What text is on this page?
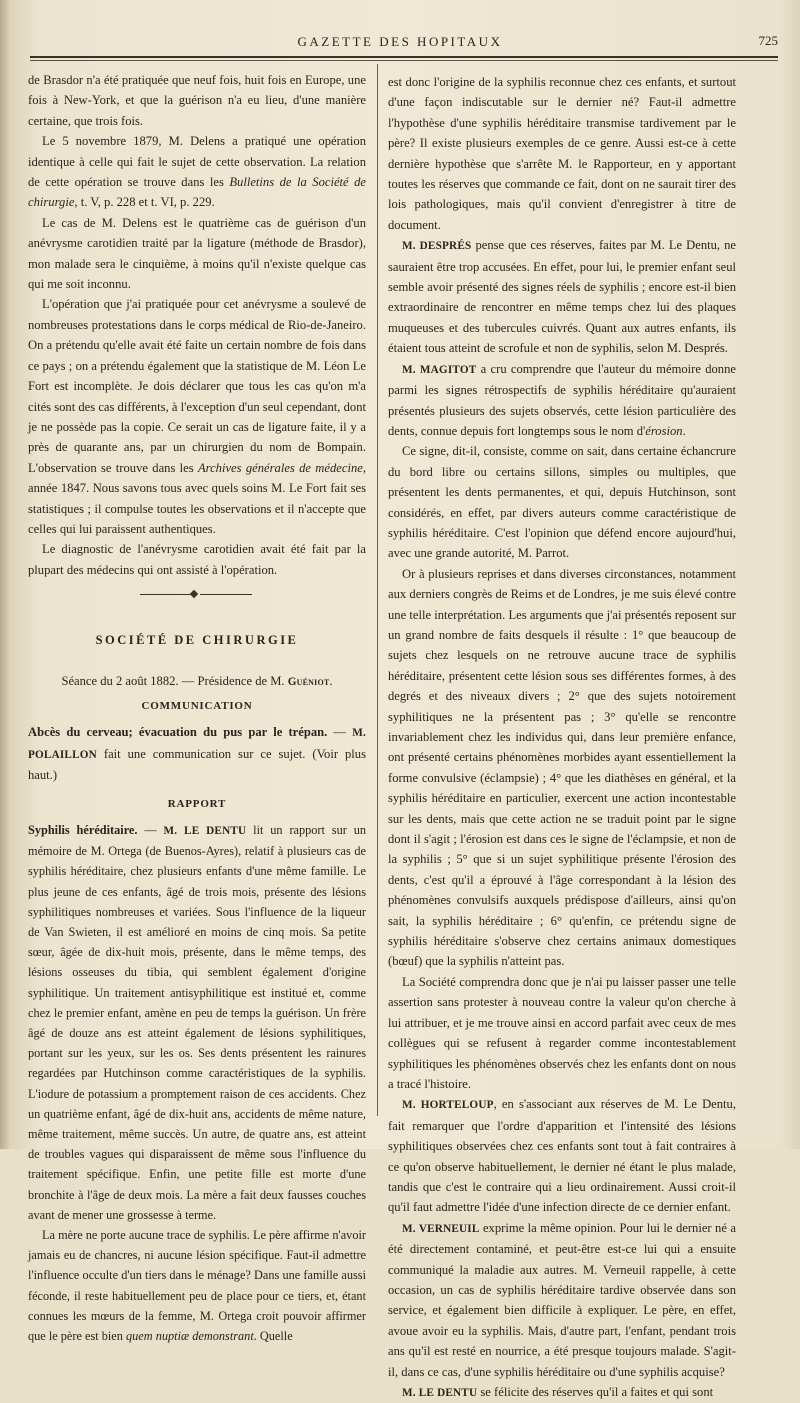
GAZETTE DES HOPITAUX	725

de Brasdor n'a été pratiquée que neuf fois, huit fois en Europe, une fois à New-York, et que la guérison n'a eu lieu, d'une manière certaine, que trois fois.

Le 5 novembre 1879, M. Delens a pratiqué une opération identique à celle qui fait le sujet de cette observation. La relation de cette opération se trouve dans les Bulletins de la Société de chirurgie, t. V, p. 228 et t. VI, p. 229.

Le cas de M. Delens est le quatrième cas de guérison d'un anévrysme carotidien traité par la ligature (méthode de Brasdor), mon malade sera le cinquième, à moins qu'il n'existe quelque cas qui me soit inconnu.

L'opération que j'ai pratiquée pour cet anévrysme a soulevé de nombreuses protestations dans le corps médical de Rio-de-Janeiro. On a prétendu qu'elle avait été faite un certain nombre de fois dans ce pays ; on a prétendu également que la statistique de M. Léon Le Fort est incomplète. Je dois déclarer que tous les cas qu'on m'a cités sont des cas différents, à l'exception d'un seul cependant, dont je ne possède pas la copie. Ce serait un cas de ligature faite, il y a près de quarante ans, par un chirurgien du nom de Bompain. L'observation se trouve dans les Archives générales de médecine, année 1847. Nous savons tous avec quels soins M. Le Fort fait ses statistiques ; il compulse toutes les observations et il n'accepte que celles qui lui paraissent authentiques.

Le diagnostic de l'anévrysme carotidien avait été fait par la plupart des médecins qui ont assisté à l'opération.

SOCIÉTÉ DE CHIRURGIE

Séance du 2 août 1882. — Présidence de M. Guéniot.

COMMUNICATION

Abcès du cerveau; évacuation du pus par le trépan. — M. POLAILLON fait une communication sur ce sujet. (Voir plus haut.)

RAPPORT

Syphilis héréditaire. — M. LE DENTU lit un rapport sur un mémoire de M. Ortega (de Buenos-Ayres), relatif à plusieurs cas de syphilis héréditaire, chez plusieurs enfants d'une même famille. Le plus jeune de ces enfants, âgé de trois mois, présente des lésions syphilitiques nombreuses et variées. Sous l'influence de la liqueur de Van Swieten, il est amélioré en moins de cinq mois. Sa petite sœur, âgée de dix-huit mois, présente, dans le même temps, des lésions osseuses du tibia, qui semblent également d'origine syphilitique. Un traitement antisyphilitique est institué et, comme chez le premier enfant, amène en peu de temps la guérison. Un frère âgé de douze ans est atteint également de lésions syphilitiques, portant sur les yeux, sur les os. Ses dents présentent les rainures regardées par Hutchinson comme caractéristiques de la syphilis. L'iodure de potassium a promptement raison de ces accidents. Chez un quatrième enfant, âgé de dix-huit ans, accidents de même nature, même traitement, même succès. Un autre, de quatre ans, est atteint de troubles vagues qui disparaissent de même sous l'influence du traitement spécifique. Enfin, une petite fille est morte d'une bronchite à l'âge de deux mois. La mère a fait deux fausses couches avant de mener une grossesse à terme.

La mère ne porte aucune trace de syphilis. Le père affirme n'avoir jamais eu de chancres, ni aucune lésion spécifique. Faut-il admettre l'influence occulte d'un tiers dans le ménage? Dans une famille aussi féconde, il reste habituellement peu de place pour ce tiers, et, étant connues les mœurs de la femme, M. Ortega croit pouvoir affirmer que le père est bien quem nuptiæ demonstrant. Quelle

est donc l'origine de la syphilis reconnue chez ces enfants, et surtout d'une façon indiscutable sur le dernier né? Faut-il admettre l'hypothèse d'une syphilis héréditaire transmise tardivement par le père? Il existe plusieurs exemples de ce genre. Aussi est-ce à cette dernière hypothèse que s'arrête M. le Rapporteur, en y apportant toutes les réserves que commande ce fait, dont on ne saurait tirer des lois pathologiques, mais qu'il convient d'enregistrer à titre de document.

M. DESPRÉS pense que ces réserves, faites par M. Le Dentu, ne sauraient être trop accusées. En effet, pour lui, le premier enfant seul semble avoir présenté des signes réels de syphilis ; encore est-il bien extraordinaire de rencontrer en même temps chez lui des plaques muqueuses et des tubercules cuivrés. Quant aux autres enfants, ils étaient tous atteint de scrofule et non de syphilis, selon M. Després.

M. MAGITOT a cru comprendre que l'auteur du mémoire donne parmi les signes rétrospectifs de syphilis héréditaire qu'auraient présentés plusieurs des sujets observés, cette lésion particulière des dents, connue depuis fort longtemps sous le nom d'érosion.

Ce signe, dit-il, consiste, comme on sait, dans certaine échancrure du bord libre ou certains sillons, simples ou multiples, que présentent les dents permanentes, et qui, depuis Hutchinson, sont considérés, en effet, par divers auteurs comme caractéristique de syphilis héréditaire. C'est l'opinion que défend encore aujourd'hui, avec une grande autorité, M. Parrot.

Or à plusieurs reprises et dans diverses circonstances, notamment aux derniers congrès de Reims et de Londres, je me suis élevé contre une telle interprétation. Les arguments que j'ai présentés reposent sur un grand nombre de faits desquels il résulte : 1° que beaucoup de sujets chez lesquels on ne retrouve aucune trace de syphilis héréditaire, présentent cette lésion sous ses différentes formes, à des degrés et des niveaux divers ; 2° que des sujets notoirement syphilitiques ne la présentent pas ; 3° qu'elle se rencontre invariablement chez les individus qui, dans leur première enfance, ont présenté certains phénomènes morbides ayant essentiellement la forme convulsive (éclampsie) ; 4° que les diathèses en général, et la syphilis héréditaire en particulier, exercent une action incontestable sur les dents, mais que cette action ne se traduit point par le signe dont il s'agit ; l'érosion est dans ces le signe de l'éclampsie, et non de la syphilis ; 5° que si un sujet syphilitique présente l'érosion des dents, c'est qu'il a éprouvé à l'âge correspondant à la lésion des phénomènes convulsifs auxquels prédispose d'ailleurs, ainsi qu'on sait, la syphilis héréditaire ; 6° qu'enfin, ce prétendu signe de syphilis héréditaire s'observe chez certains animaux domestiques (bœuf) que la syphilis n'atteint pas.

La Société comprendra donc que je n'ai pu laisser passer une telle assertion sans protester à nouveau contre la valeur qu'on cherche à lui attribuer, et je me trouve ainsi en accord parfait avec ceux de mes collègues qui se refusent à regarder comme incontestablement syphilitiques les phénomènes observés chez les enfants dont on nous a tracé l'histoire.

M. HORTELOUP, en s'associant aux réserves de M. Le Dentu, fait remarquer que l'ordre d'apparition et l'intensité des lésions syphilitiques observées chez ces enfants sont tout à fait contraires à ce qu'on observe habituellement, le dernier né étant le plus malade, tandis que c'est le contraire qui a lieu ordinairement. Aussi croit-il qu'il faut admettre l'idée d'une infection directe de ce dernier enfant.

M. VERNEUIL exprime la même opinion. Pour lui le dernier né a été directement contaminé, et peut-être est-ce lui qui a ensuite communiqué la maladie aux autres. M. Verneuil rappelle, à cette occasion, un cas de syphilis héréditaire tardive observée dans son service, et également bien difficile à expliquer. Le père, en effet, avoue avoir eu la syphilis. Mais, d'autre part, l'enfant, pendant trois ans qu'il est resté en nourrice, a été presque toujours malade. S'agit-il, dans ce cas, d'une syphilis héréditaire ou d'une syphilis acquise?

M. LE DENTU se félicite des réserves qu'il a faites et qui sont
